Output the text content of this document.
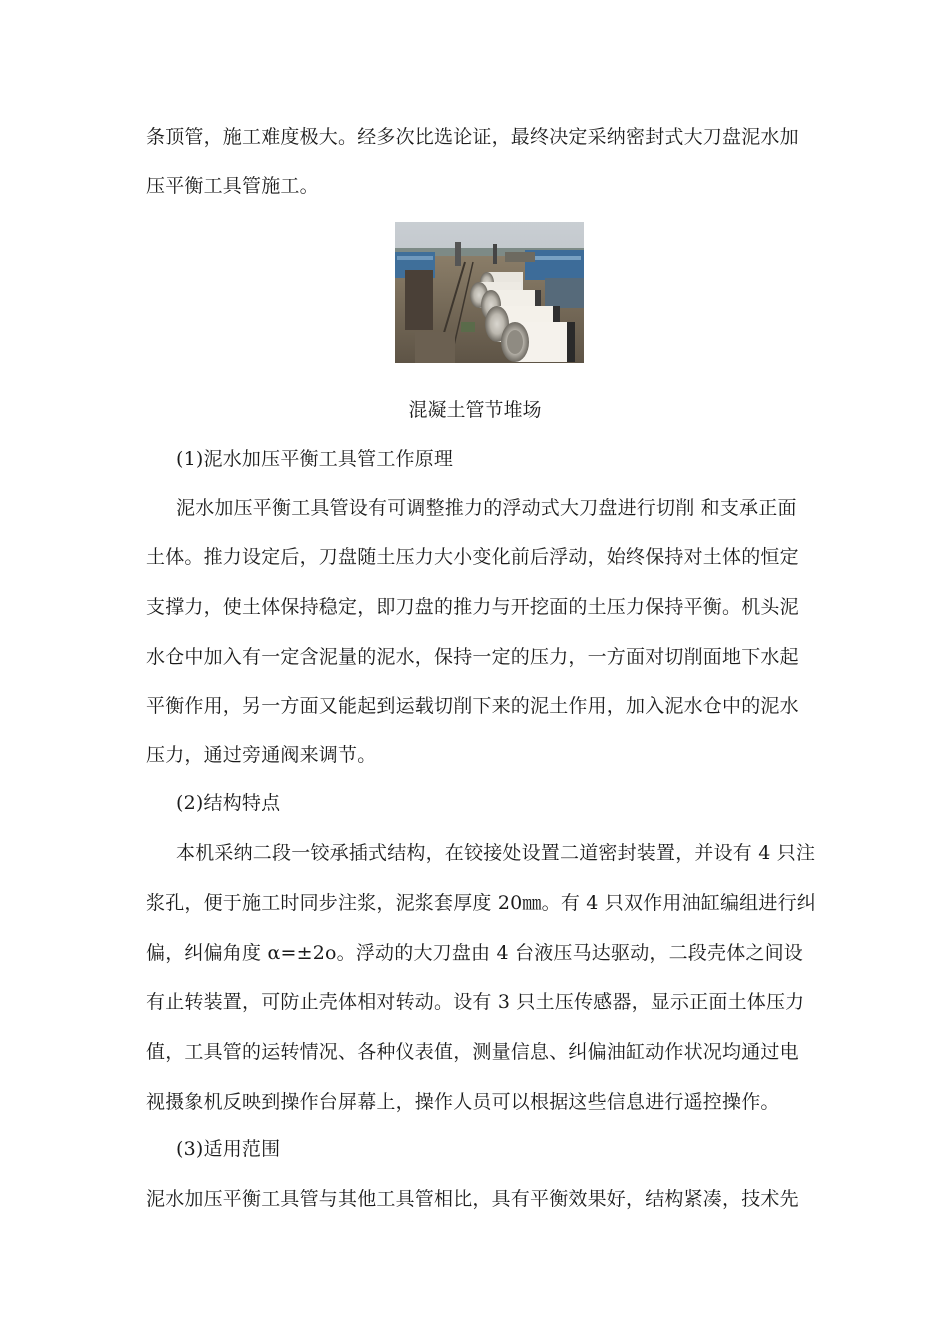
条顶管，施工难度极大。经多次比选论证，最终决定采纳密封式大刀盘泥水加
压平衡工具管施工。
混凝土管节堆场
(1)泥水加压平衡工具管工作原理
泥水加压平衡工具管设有可调整推力的浮动式大刀盘进行切削 和支承正面
土体。推力设定后，刀盘随土压力大小变化前后浮动，始终保持对土体的恒定
支撑力，使土体保持稳定，即刀盘的推力与开挖面的土压力保持平衡。机头泥
水仓中加入有一定含泥量的泥水，保持一定的压力，一方面对切削面地下水起
平衡作用，另一方面又能起到运载切削下来的泥土作用，加入泥水仓中的泥水
压力，通过旁通阀来调节。
(2)结构特点
本机采纳二段一铰承插式结构，在铰接处设置二道密封装置，并设有 4 只注
浆孔，便于施工时同步注浆，泥浆套厚度 20㎜。有 4 只双作用油缸编组进行纠
偏，纠偏角度 α=±2o。浮动的大刀盘由 4 台液压马达驱动，二段壳体之间设
有止转装置，可防止壳体相对转动。设有 3 只土压传感器，显示正面土体压力
值，工具管的运转情况、各种仪表值，测量信息、纠偏油缸动作状况均通过电
视摄象机反映到操作台屏幕上，操作人员可以根据这些信息进行遥控操作。
(3)适用范围
泥水加压平衡工具管与其他工具管相比，具有平衡效果好，结构紧凑，技术先
